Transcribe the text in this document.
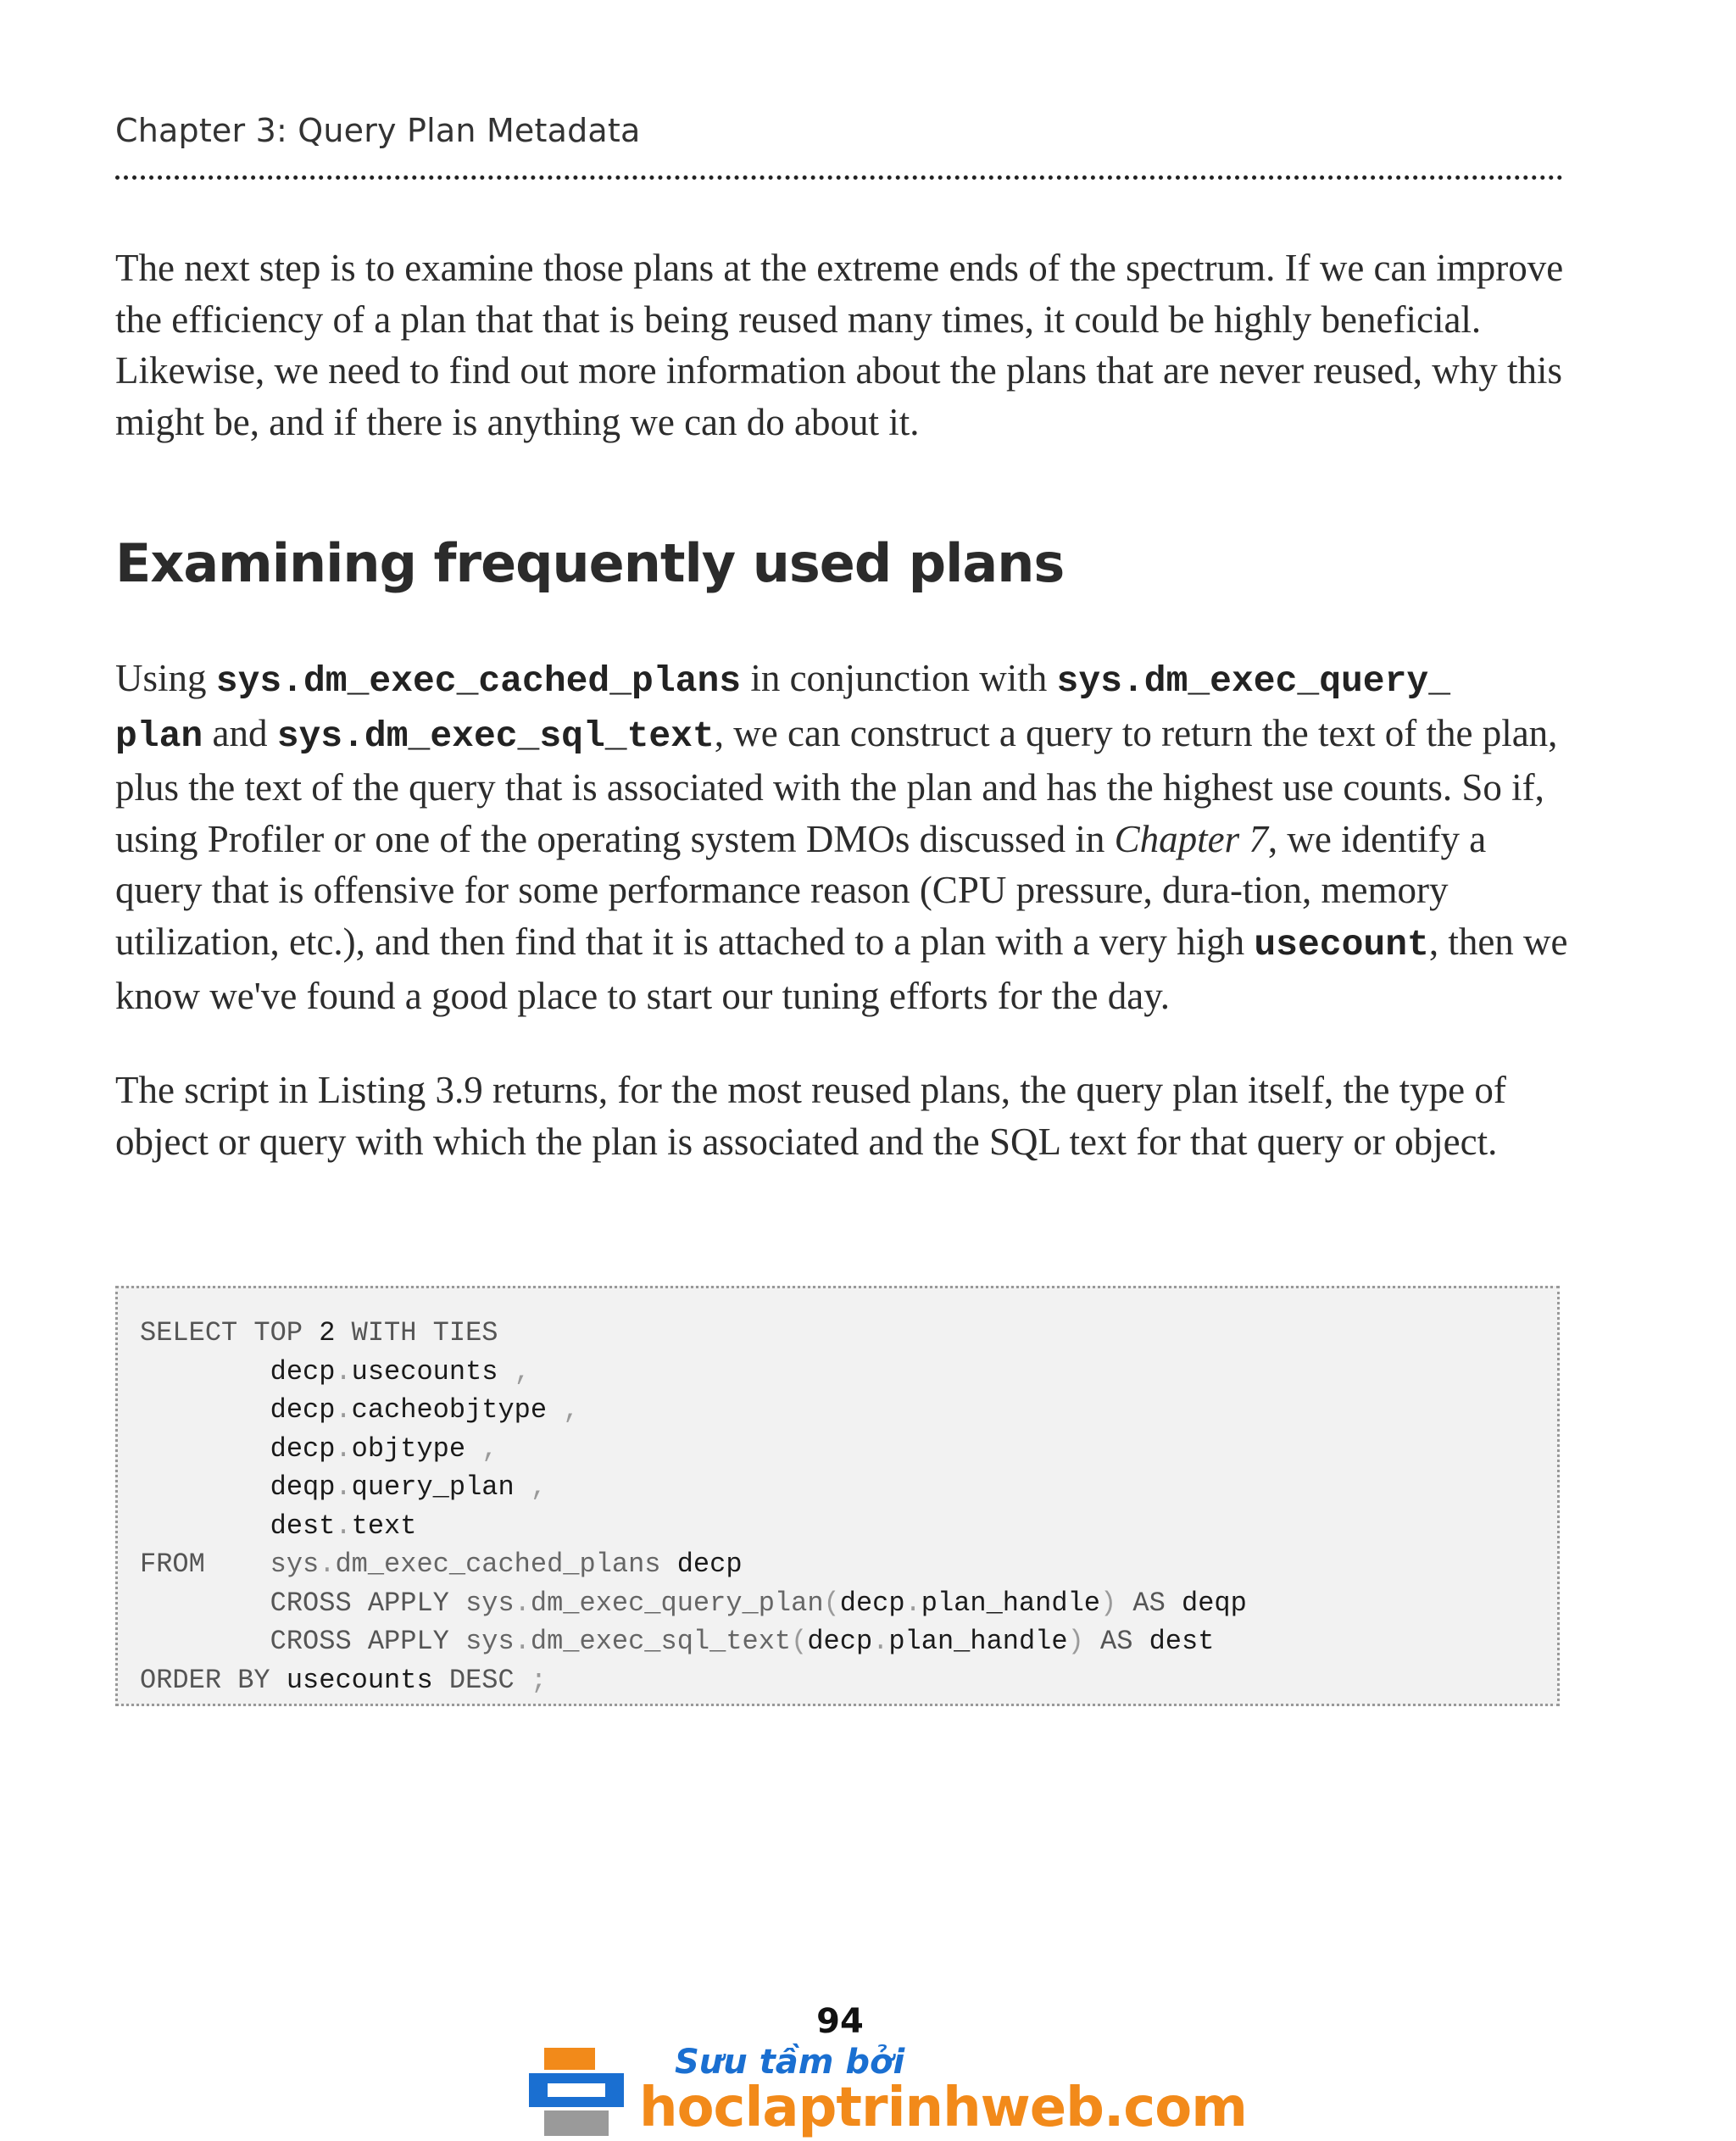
Chapter 3: Query Plan Metadata

The next step is to examine those plans at the extreme ends of the spectrum. If we can improve the efficiency of a plan that that is being reused many times, it could be highly beneficial. Likewise, we need to find out more information about the plans that are never reused, why this might be, and if there is anything we can do about it.

Examining frequently used plans

Using sys.dm_exec_cached_plans in conjunction with sys.dm_exec_query_
plan and sys.dm_exec_sql_text, we can construct a query to return the text of the plan, plus the text of the query that is associated with the plan and has the highest use counts. So if, using Profiler or one of the operating system DMOs discussed in Chapter 7, we identify a query that is offensive for some performance reason (CPU pressure, dura-tion, memory utilization, etc.), and then find that it is attached to a plan with a very high usecount, then we know we've found a good place to start our tuning efforts for the day.

The script in Listing 3.9 returns, for the most reused plans, the query plan itself, the type of object or query with which the plan is associated and the SQL text for that query or object.

SELECT TOP 2 WITH TIES
decp.usecounts ,
decp.cacheobjtype ,
decp.objtype ,
deqp.query_plan ,
dest.text
FROM sys.dm_exec_cached_plans decp
CROSS APPLY sys.dm_exec_query_plan(decp.plan_handle) AS deqp
CROSS APPLY sys.dm_exec_sql_text(decp.plan_handle) AS dest
ORDER BY usecounts DESC ;
94
Sưu tầm bởi
hoclaptrinhweb.com
